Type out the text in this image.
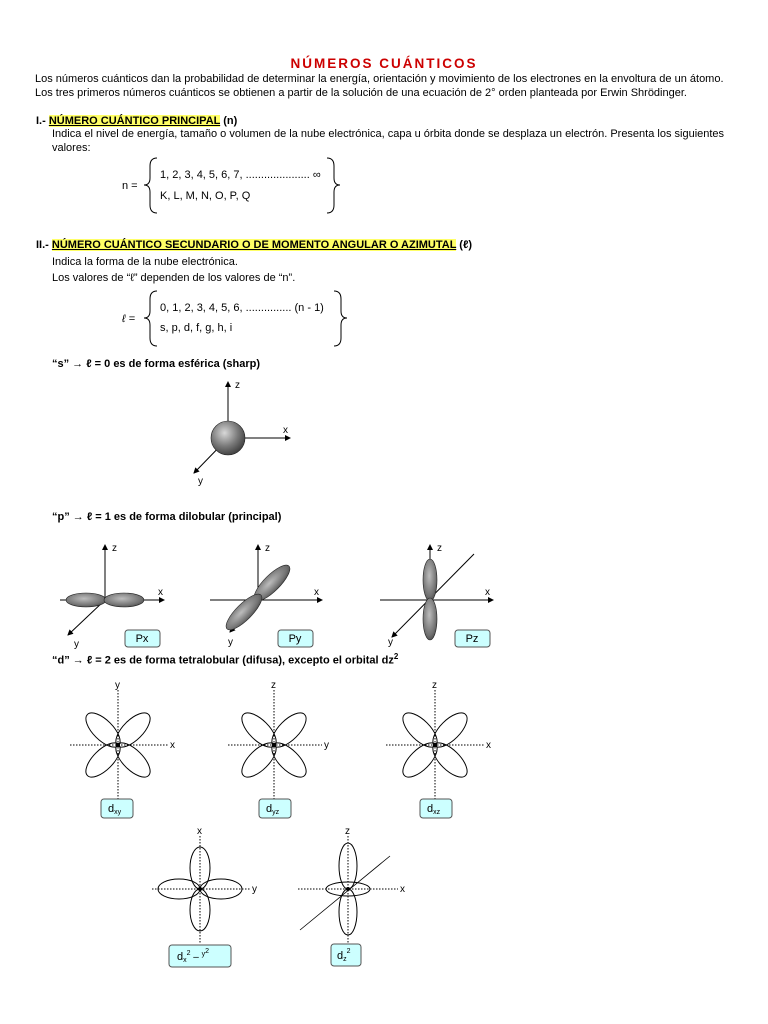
NÚMEROS CUÁNTICOS
Los números cuánticos dan la probabilidad de determinar la energía, orientación y movimiento de los electrones en la envoltura de un átomo.
Los tres primeros números cuánticos se obtienen a partir de la solución de una ecuación de 2° orden planteada por Erwin Shrödinger.
I.- NÚMERO CUÁNTICO PRINCIPAL (n)
Indica el nivel de energía, tamaño o volumen de la nube electrónica, capa u órbita donde se desplaza un electrón. Presenta los siguientes
valores:
n =
1, 2, 3, 4, 5, 6, 7, ..................... ∞
K, L, M, N, O, P, Q
II.- NÚMERO CUÁNTICO SECUNDARIO O DE MOMENTO ANGULAR O AZIMUTAL (ℓ)
Indica la forma de la nube electrónica.
Los valores de “ℓ” dependen de los valores de “n”.
ℓ =
0, 1, 2, 3, 4, 5, 6, ............... (n - 1)
s, p, d, f, g, h, i
“s” → ℓ = 0 es de forma esférica (sharp)
“p” → ℓ = 1 es de forma dilobular (principal)
“d” → ℓ = 2 es de forma tetralobular (difusa), excepto el orbital $dz^2$
z
x
y
z
x
y	Px
z
x
y	Py
z
x
y	Pz
y
x
dxy
z
y
dyz
z
x
dxz
x
y
$dx^2 - ^{y2}$
z
x
$dz^2$
